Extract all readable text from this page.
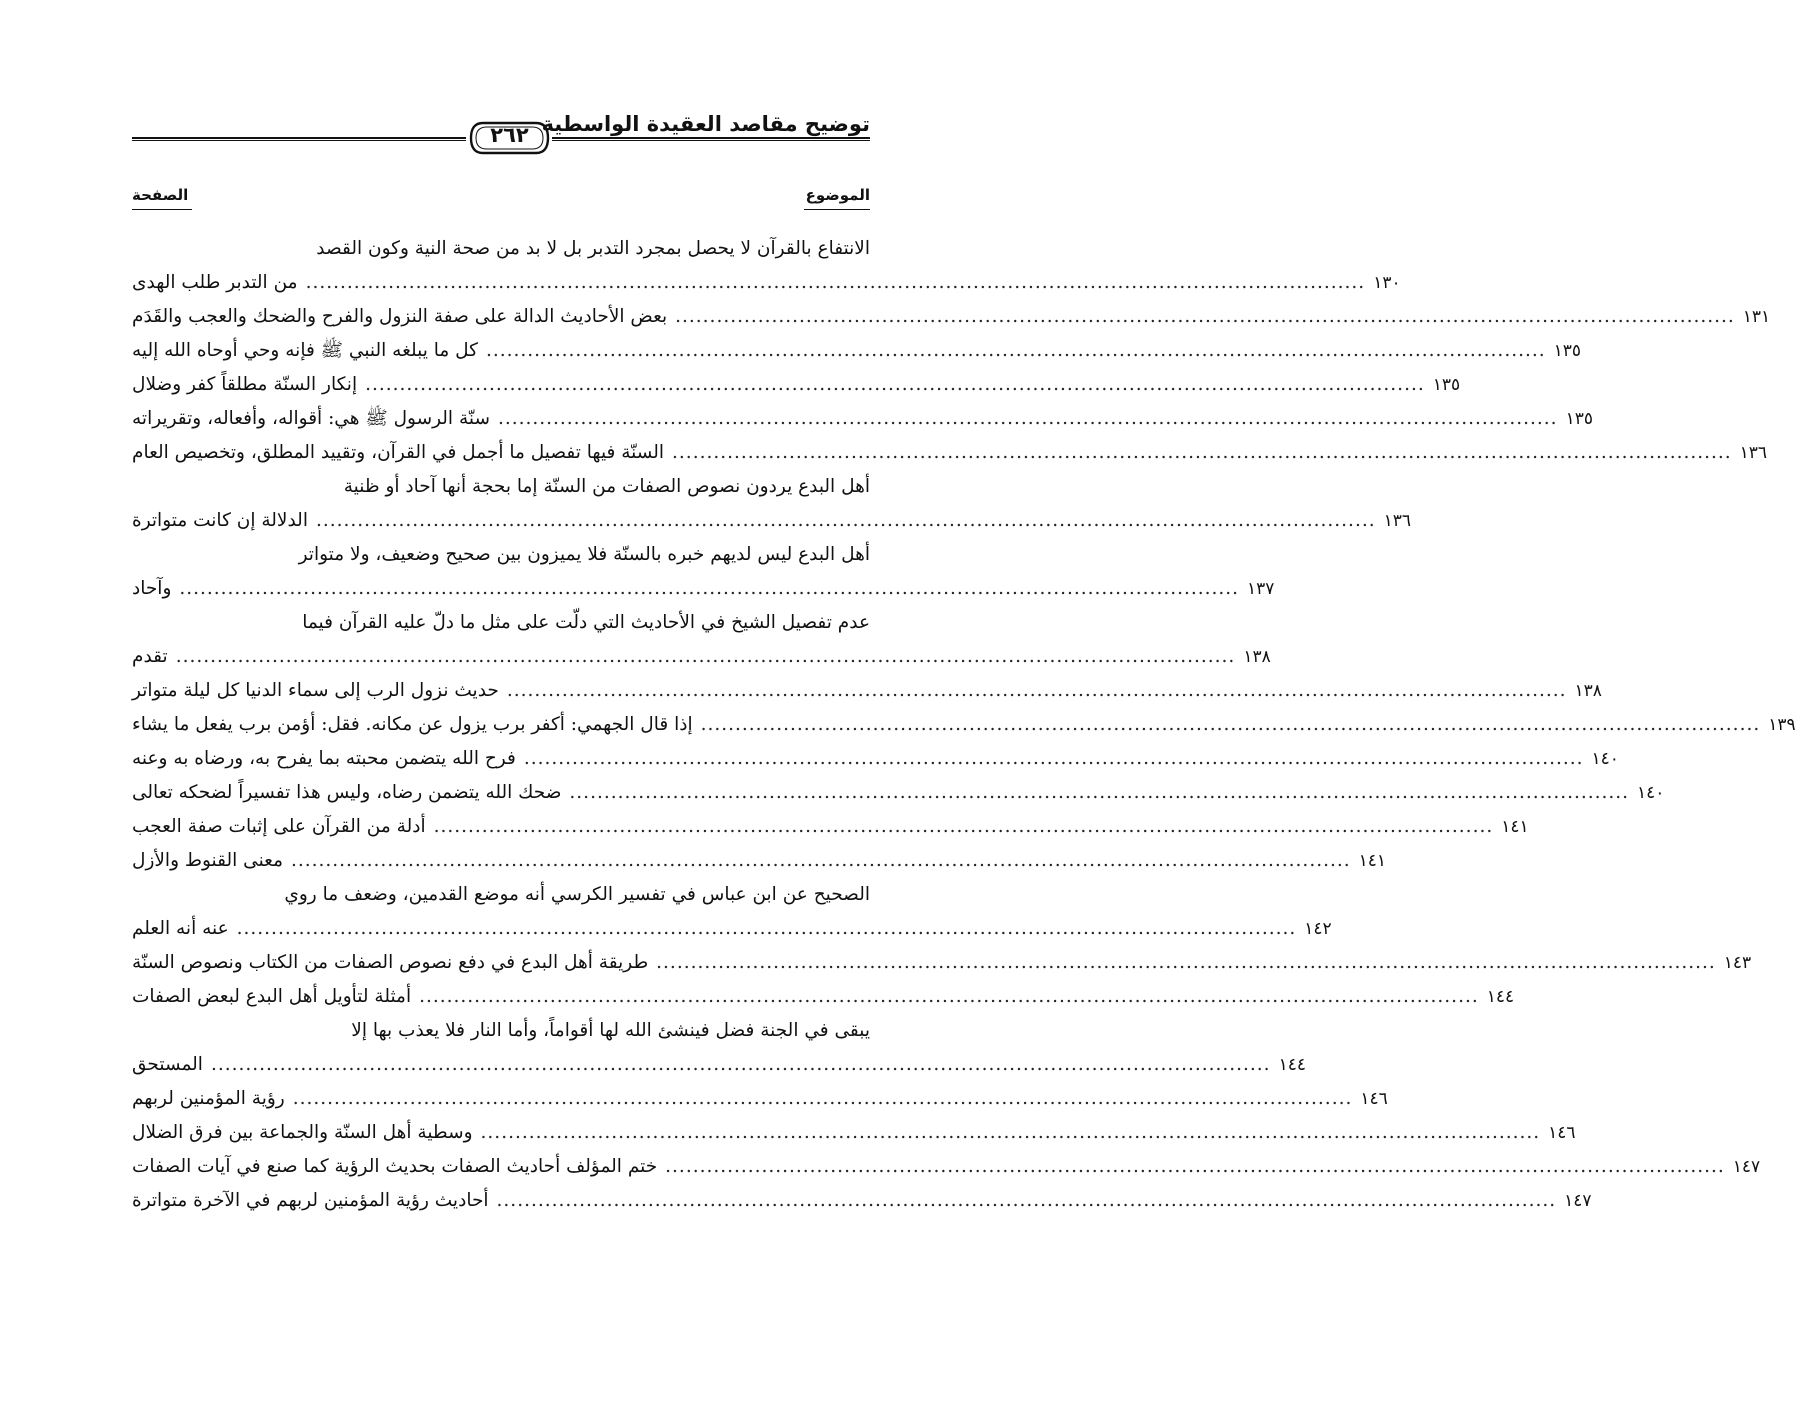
٢٦٢ توضيح مقاصد العقيدة الواسطية
الموضوع
الصفحة
الانتفاع بالقرآن لا يحصل بمجرد التدبر بل لا بد من صحة النية وكون القصد
من التدبر طلب الهدى .......................................................................................................................................................... ١٣٠
بعض الأحاديث الدالة على صفة النزول والفرح والضحك والعجب والقَدَم .......................................................................................................................................................... ١٣١
كل ما يبلغه النبي ﷺ فإنه وحي أوحاه الله إليه .......................................................................................................................................................... ١٣٥
إنكار السنّة مطلقاً كفر وضلال .......................................................................................................................................................... ١٣٥
سنّة الرسول ﷺ هي: أقواله، وأفعاله، وتقريراته .......................................................................................................................................................... ١٣٥
السنّة فيها تفصيل ما أجمل في القرآن، وتقييد المطلق، وتخصيص العام .......................................................................................................................................................... ١٣٦
أهل البدع يردون نصوص الصفات من السنّة إما بحجة أنها آحاد أو ظنية
الدلالة إن كانت متواترة .......................................................................................................................................................... ١٣٦
أهل البدع ليس لديهم خبره بالسنّة فلا يميزون بين صحيح وضعيف، ولا متواتر
وآحاد .......................................................................................................................................................... ١٣٧
عدم تفصيل الشيخ في الأحاديث التي دلّت على مثل ما دلّ عليه القرآن فيما
تقدم .......................................................................................................................................................... ١٣٨
حديث نزول الرب إلى سماء الدنيا كل ليلة متواتر .......................................................................................................................................................... ١٣٨
إذا قال الجهمي: أكفر برب يزول عن مكانه. فقل: أؤمن برب يفعل ما يشاء .......................................................................................................................................................... ١٣٩
فرح الله يتضمن محبته بما يفرح به، ورضاه به وعنه .......................................................................................................................................................... ١٤٠
ضحك الله يتضمن رضاه، وليس هذا تفسيراً لضحكه تعالى .......................................................................................................................................................... ١٤٠
أدلة من القرآن على إثبات صفة العجب .......................................................................................................................................................... ١٤١
معنى القنوط والأزل .......................................................................................................................................................... ١٤١
الصحيح عن ابن عباس في تفسير الكرسي أنه موضع القدمين، وضعف ما روي
عنه أنه العلم .......................................................................................................................................................... ١٤٢
طريقة أهل البدع في دفع نصوص الصفات من الكتاب ونصوص السنّة .......................................................................................................................................................... ١٤٣
أمثلة لتأويل أهل البدع لبعض الصفات .......................................................................................................................................................... ١٤٤
يبقى في الجنة فضل فينشئ الله لها أقواماً، وأما النار فلا يعذب بها إلا
المستحق .......................................................................................................................................................... ١٤٤
رؤية المؤمنين لربهم .......................................................................................................................................................... ١٤٦
وسطية أهل السنّة والجماعة بين فرق الضلال .......................................................................................................................................................... ١٤٦
ختم المؤلف أحاديث الصفات بحديث الرؤية كما صنع في آيات الصفات .......................................................................................................................................................... ١٤٧
أحاديث رؤية المؤمنين لربهم في الآخرة متواترة .......................................................................................................................................................... ١٤٧
